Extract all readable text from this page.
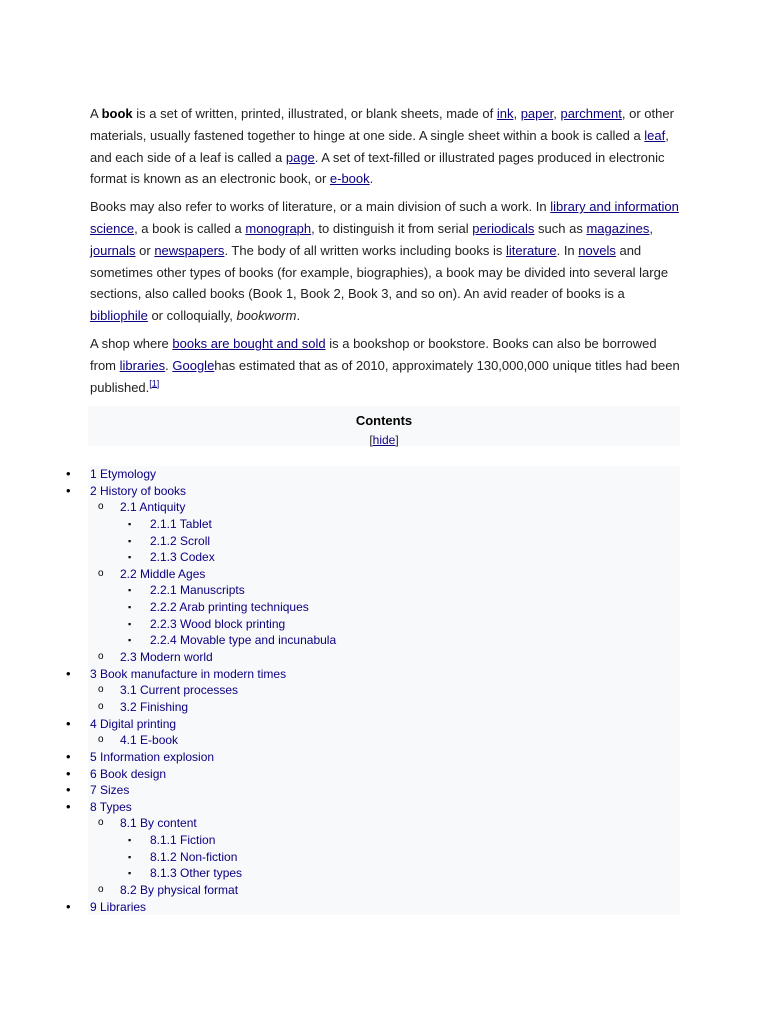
A book is a set of written, printed, illustrated, or blank sheets, made of ink, paper, parchment, or other materials, usually fastened together to hinge at one side. A single sheet within a book is called a leaf, and each side of a leaf is called a page. A set of text-filled or illustrated pages produced in electronic format is known as an electronic book, or e-book.

Books may also refer to works of literature, or a main division of such a work. In library and information science, a book is called a monograph, to distinguish it from serial periodicals such as magazines, journals or newspapers. The body of all written works including books is literature. In novels and sometimes other types of books (for example, biographies), a book may be divided into several large sections, also called books (Book 1, Book 2, Book 3, and so on). An avid reader of books is a bibliophile or colloquially, bookworm.

A shop where books are bought and sold is a bookshop or bookstore. Books can also be borrowed from libraries. Googlehas estimated that as of 2010, approximately 130,000,000 unique titles had been published.[1]

Contents
[hide]
• 1 Etymology
• 2 History of books
o 2.1 Antiquity
▪ 2.1.1 Tablet
▪ 2.1.2 Scroll
▪ 2.1.3 Codex
o 2.2 Middle Ages
▪ 2.2.1 Manuscripts
▪ 2.2.2 Arab printing techniques
▪ 2.2.3 Wood block printing
▪ 2.2.4 Movable type and incunabula
o 2.3 Modern world
• 3 Book manufacture in modern times
o 3.1 Current processes
o 3.2 Finishing
• 4 Digital printing
o 4.1 E-book
• 5 Information explosion
• 6 Book design
• 7 Sizes
• 8 Types
o 8.1 By content
▪ 8.1.1 Fiction
▪ 8.1.2 Non-fiction
▪ 8.1.3 Other types
o 8.2 By physical format
• 9 Libraries
